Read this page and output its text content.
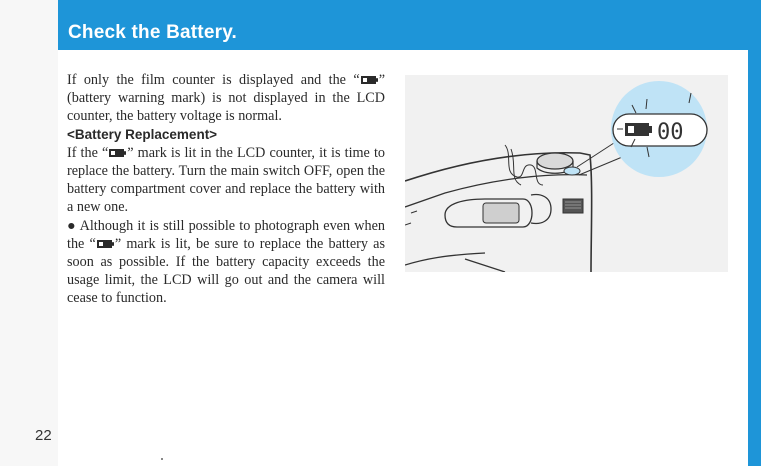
Check the Battery.

If only the film counter is displayed and the “ ” (battery warning mark) is not displayed in the LCD counter, the battery voltage is normal.

<Battery Replacement>

If the “ ” mark is lit in the LCD counter, it is time to replace the battery. Turn the main switch OFF, open the battery compartment cover and replace the battery with a new one.

● Although it is still possible to photograph even when the “ ” mark is lit, be sure to replace the battery as soon as possible. If the battery capacity exceeds the usage limit, the LCD will go out and the camera will cease to function.

00
22
